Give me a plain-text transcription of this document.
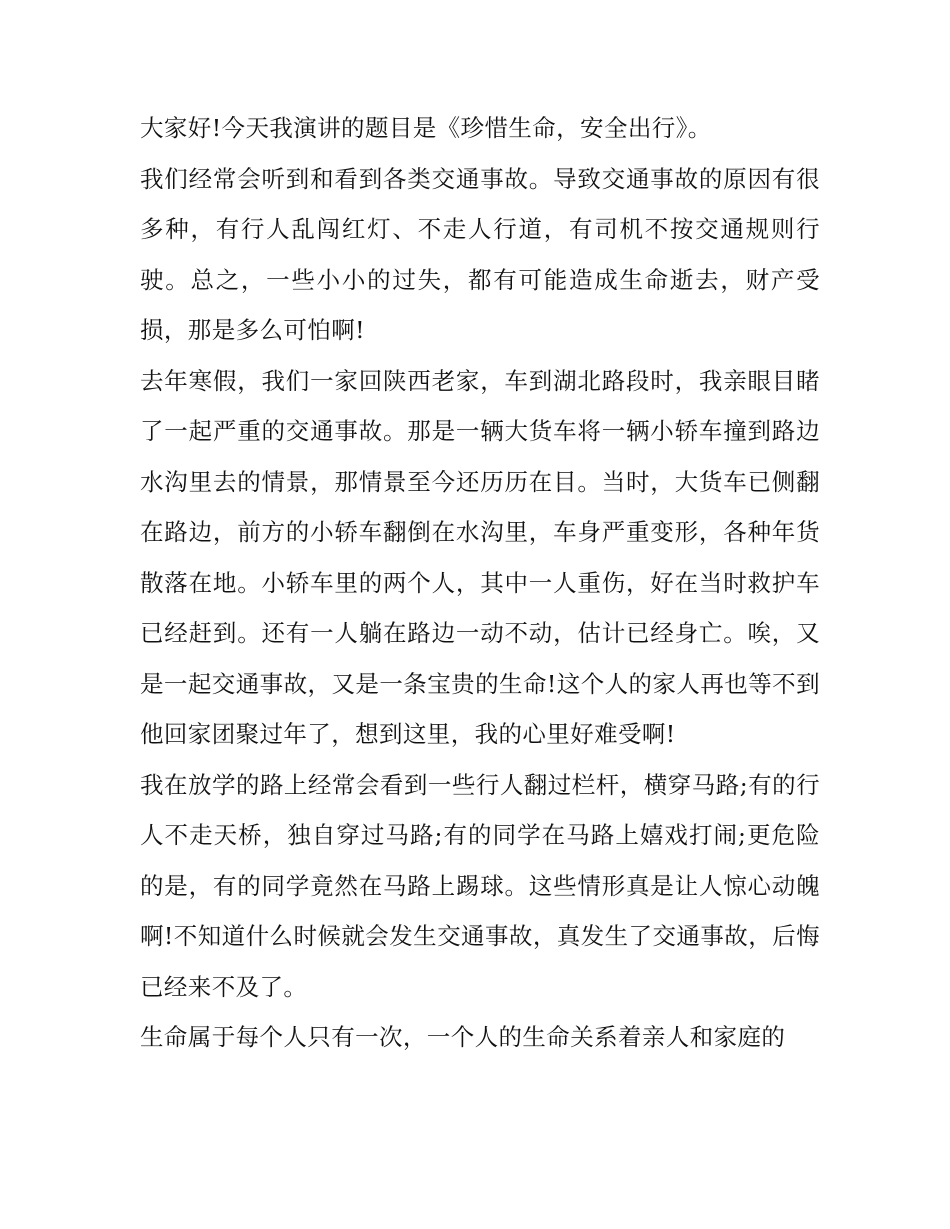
大家好!今天我演讲的题目是《珍惜生命，安全出行》。

我们经常会听到和看到各类交通事故。导致交通事故的原因有很多种，有行人乱闯红灯、不走人行道，有司机不按交通规则行驶。总之，一些小小的过失，都有可能造成生命逝去，财产受损，那是多么可怕啊!

去年寒假，我们一家回陕西老家，车到湖北路段时，我亲眼目睹了一起严重的交通事故。那是一辆大货车将一辆小轿车撞到路边水沟里去的情景，那情景至今还历历在目。当时，大货车已侧翻在路边，前方的小轿车翻倒在水沟里，车身严重变形，各种年货散落在地。小轿车里的两个人，其中一人重伤，好在当时救护车已经赶到。还有一人躺在路边一动不动，估计已经身亡。唉，又是一起交通事故，又是一条宝贵的生命!这个人的家人再也等不到他回家团聚过年了，想到这里，我的心里好难受啊!

我在放学的路上经常会看到一些行人翻过栏杆，横穿马路;有的行人不走天桥，独自穿过马路;有的同学在马路上嬉戏打闹;更危险的是，有的同学竟然在马路上踢球。这些情形真是让人惊心动魄啊!不知道什么时候就会发生交通事故，真发生了交通事故，后悔已经来不及了。

生命属于每个人只有一次，一个人的生命关系着亲人和家庭的
